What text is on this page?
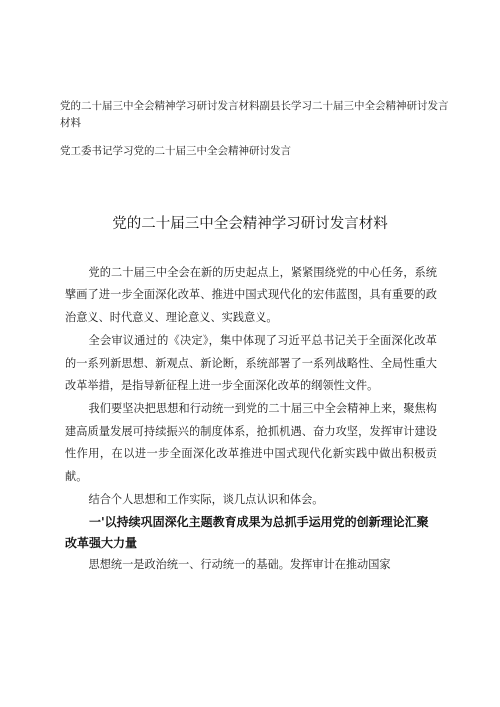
党的二十届三中全会精神学习研讨发言材料副县长学习二十届三中全会精神研讨发言材料
党工委书记学习党的二十届三中全会精神研讨发言
党的二十届三中全会精神学习研讨发言材料

党的二十届三中全会在新的历史起点上，紧紧围绕党的中心任务，系统擘画了进一步全面深化改革、推进中国式现代化的宏伟蓝图，具有重要的政治意义、时代意义、理论意义、实践意义。

全会审议通过的《决定》，集中体现了习近平总书记关于全面深化改革的一系列新思想、新观点、新论断，系统部署了一系列战略性、全局性重大改革举措，是指导新征程上进一步全面深化改革的纲领性文件。

我们要坚决把思想和行动统一到党的二十届三中全会精神上来，聚焦构建高质量发展可持续振兴的制度体系，抢抓机遇、奋力攻坚，发挥审计建设性作用，在以进一步全面深化改革推进中国式现代化新实践中做出积极贡献。

结合个人思想和工作实际，谈几点认识和体会。

一'以持续巩固深化主题教育成果为总抓手运用党的创新理论汇聚改革强大力量

思想统一是政治统一、行动统一的基础。发挥审计在推动国家
